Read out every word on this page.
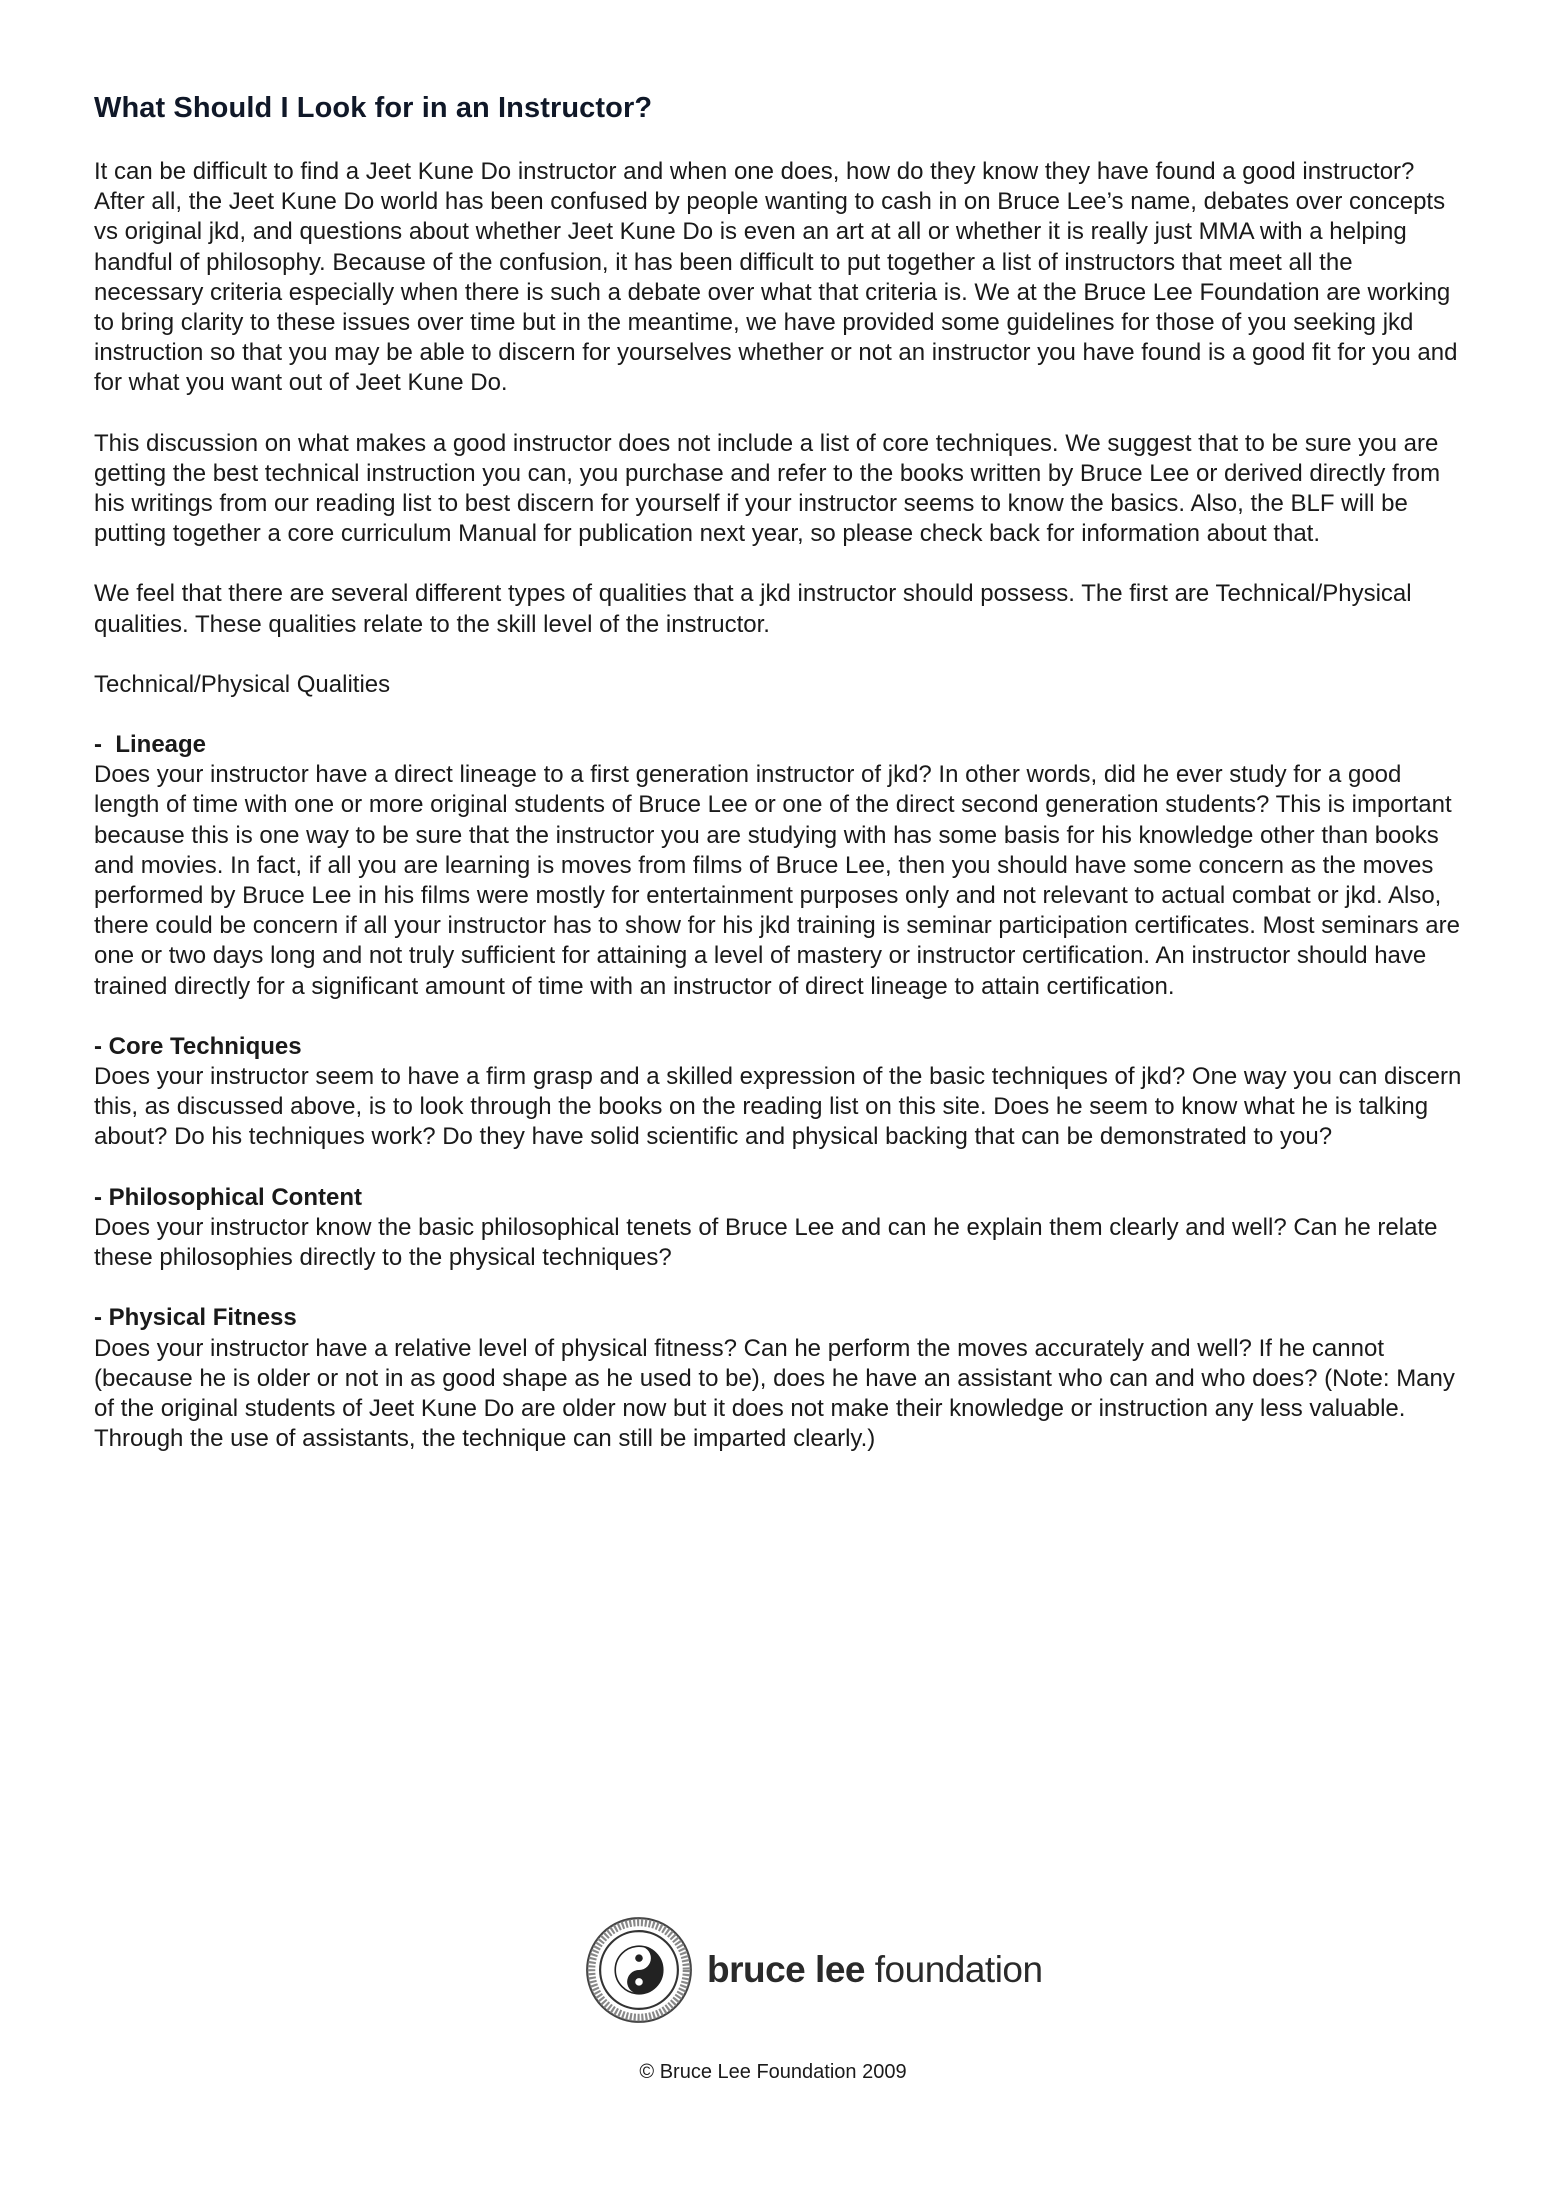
What Should I Look for in an Instructor?

It can be difficult to find a Jeet Kune Do instructor and when one does, how do they know they have found a good instructor? After all, the Jeet Kune Do world has been confused by people wanting to cash in on Bruce Lee’s name, debates over concepts vs original jkd, and questions about whether Jeet Kune Do is even an art at all or whether it is really just MMA with a helping handful of philosophy. Because of the confusion, it has been difficult to put together a list of instructors that meet all the necessary criteria especially when there is such a debate over what that criteria is. We at the Bruce Lee Foundation are working to bring clarity to these issues over time but in the meantime, we have provided some guidelines for those of you seeking jkd instruction so that you may be able to discern for yourselves whether or not an instructor you have found is a good fit for you and for what you want out of Jeet Kune Do.

This discussion on what makes a good instructor does not include a list of core techniques. We suggest that to be sure you are getting the best technical instruction you can, you purchase and refer to the books written by Bruce Lee or derived directly from his writings from our reading list to best discern for yourself if your instructor seems to know the basics. Also, the BLF will be putting together a core curriculum Manual for publication next year, so please check back for information about that.

We feel that there are several different types of qualities that a jkd instructor should possess. The first are Technical/Physical qualities. These qualities relate to the skill level of the instructor.

Technical/Physical Qualities

-  Lineage

Does your instructor have a direct lineage to a first generation instructor of jkd? In other words, did he ever study for a good length of time with one or more original students of Bruce Lee or one of the direct second generation students? This is important because this is one way to be sure that the instructor you are studying with has some basis for his knowledge other than books and movies. In fact, if all you are learning is moves from films of Bruce Lee, then you should have some concern as the moves performed by Bruce Lee in his films were mostly for entertainment purposes only and not relevant to actual combat or jkd. Also, there could be concern if all your instructor has to show for his jkd training is seminar participation certificates. Most seminars are one or two days long and not truly sufficient for attaining a level of mastery or instructor certification. An instructor should have trained directly for a significant amount of time with an instructor of direct lineage to attain certification.

- Core Techniques

Does your instructor seem to have a firm grasp and a skilled expression of the basic techniques of jkd? One way you can discern this, as discussed above, is to look through the books on the reading list on this site. Does he seem to know what he is talking about? Do his techniques work? Do they have solid scientific and physical backing that can be demonstrated to you?

- Philosophical Content

Does your instructor know the basic philosophical tenets of Bruce Lee and can he explain them clearly and well? Can he relate these philosophies directly to the physical techniques?

- Physical Fitness

Does your instructor have a relative level of physical fitness? Can he perform the moves accurately and well? If he cannot (because he is older or not in as good shape as he used to be), does he have an assistant who can and who does? (Note: Many of the original students of Jeet Kune Do are older now but it does not make their knowledge or instruction any less valuable. Through the use of assistants, the technique can still be imparted clearly.)

bruce lee foundation
© Bruce Lee Foundation 2009
